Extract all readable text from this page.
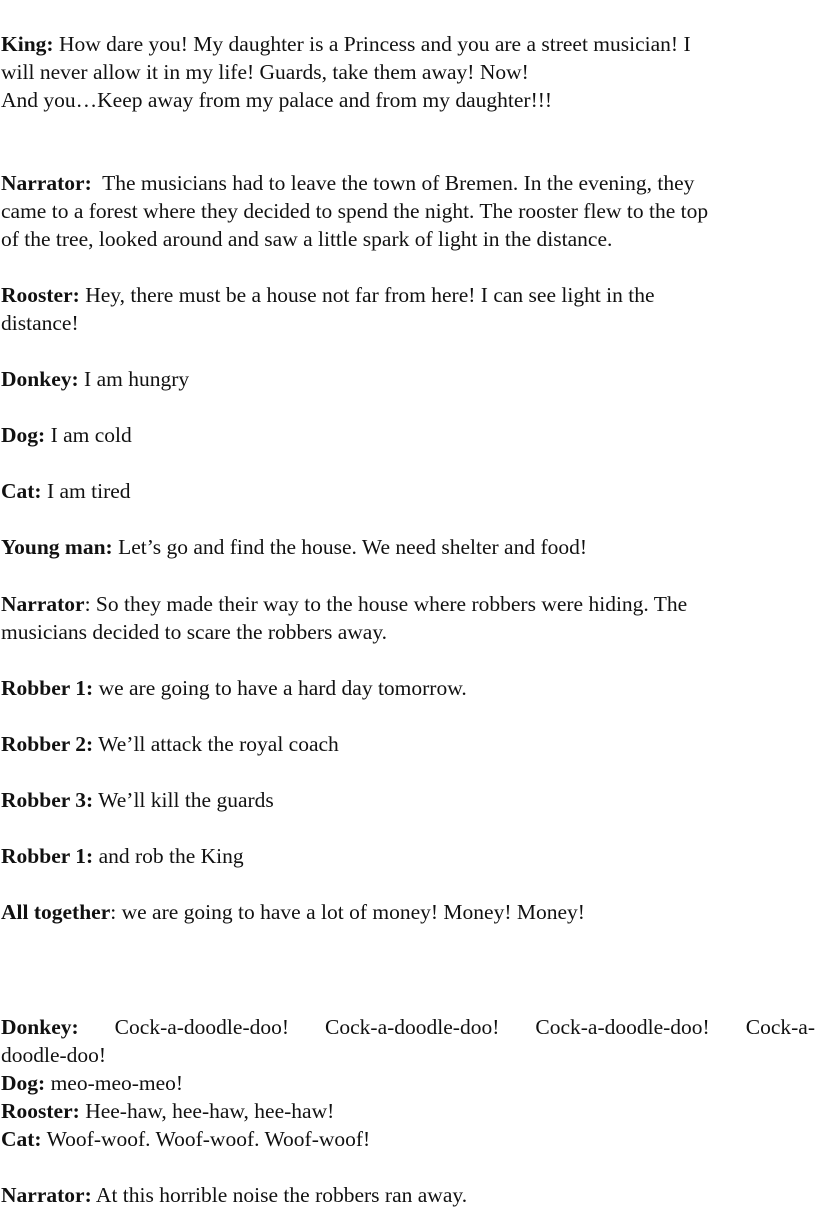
King: How dare you! My daughter is a Princess and you are a street musician! I
will never allow it in my life! Guards, take them away! Now!
And you…Keep away from my palace and from my daughter!!!
Narrator:  The musicians had to leave the town of Bremen. In the evening, they
came to a forest where they decided to spend the night. The rooster flew to the top
of the tree, looked around and saw a little spark of light in the distance.
Rooster: Hey, there must be a house not far from here! I can see light in the
distance!
Donkey: I am hungry
Dog: I am cold
Cat: I am tired
Young man: Let’s go and find the house. We need shelter and food!
Narrator: So they made their way to the house where robbers were hiding. The
musicians decided to scare the robbers away.
Robber 1: we are going to have a hard day tomorrow.
Robber 2: We’ll attack the royal coach
Robber 3: We’ll kill the guards
Robber 1: and rob the King
All together: we are going to have a lot of money! Money! Money!
Donkey: Cock-a-doodle-doo! Cock-a-doodle-doo! Cock-a-doodle-doo! Cock-a-
doodle-doo!
Dog: meo-meo-meo!
Rooster: Hee-haw, hee-haw, hee-haw!
Cat: Woof-woof. Woof-woof. Woof-woof!
Narrator: At this horrible noise the robbers ran away.
